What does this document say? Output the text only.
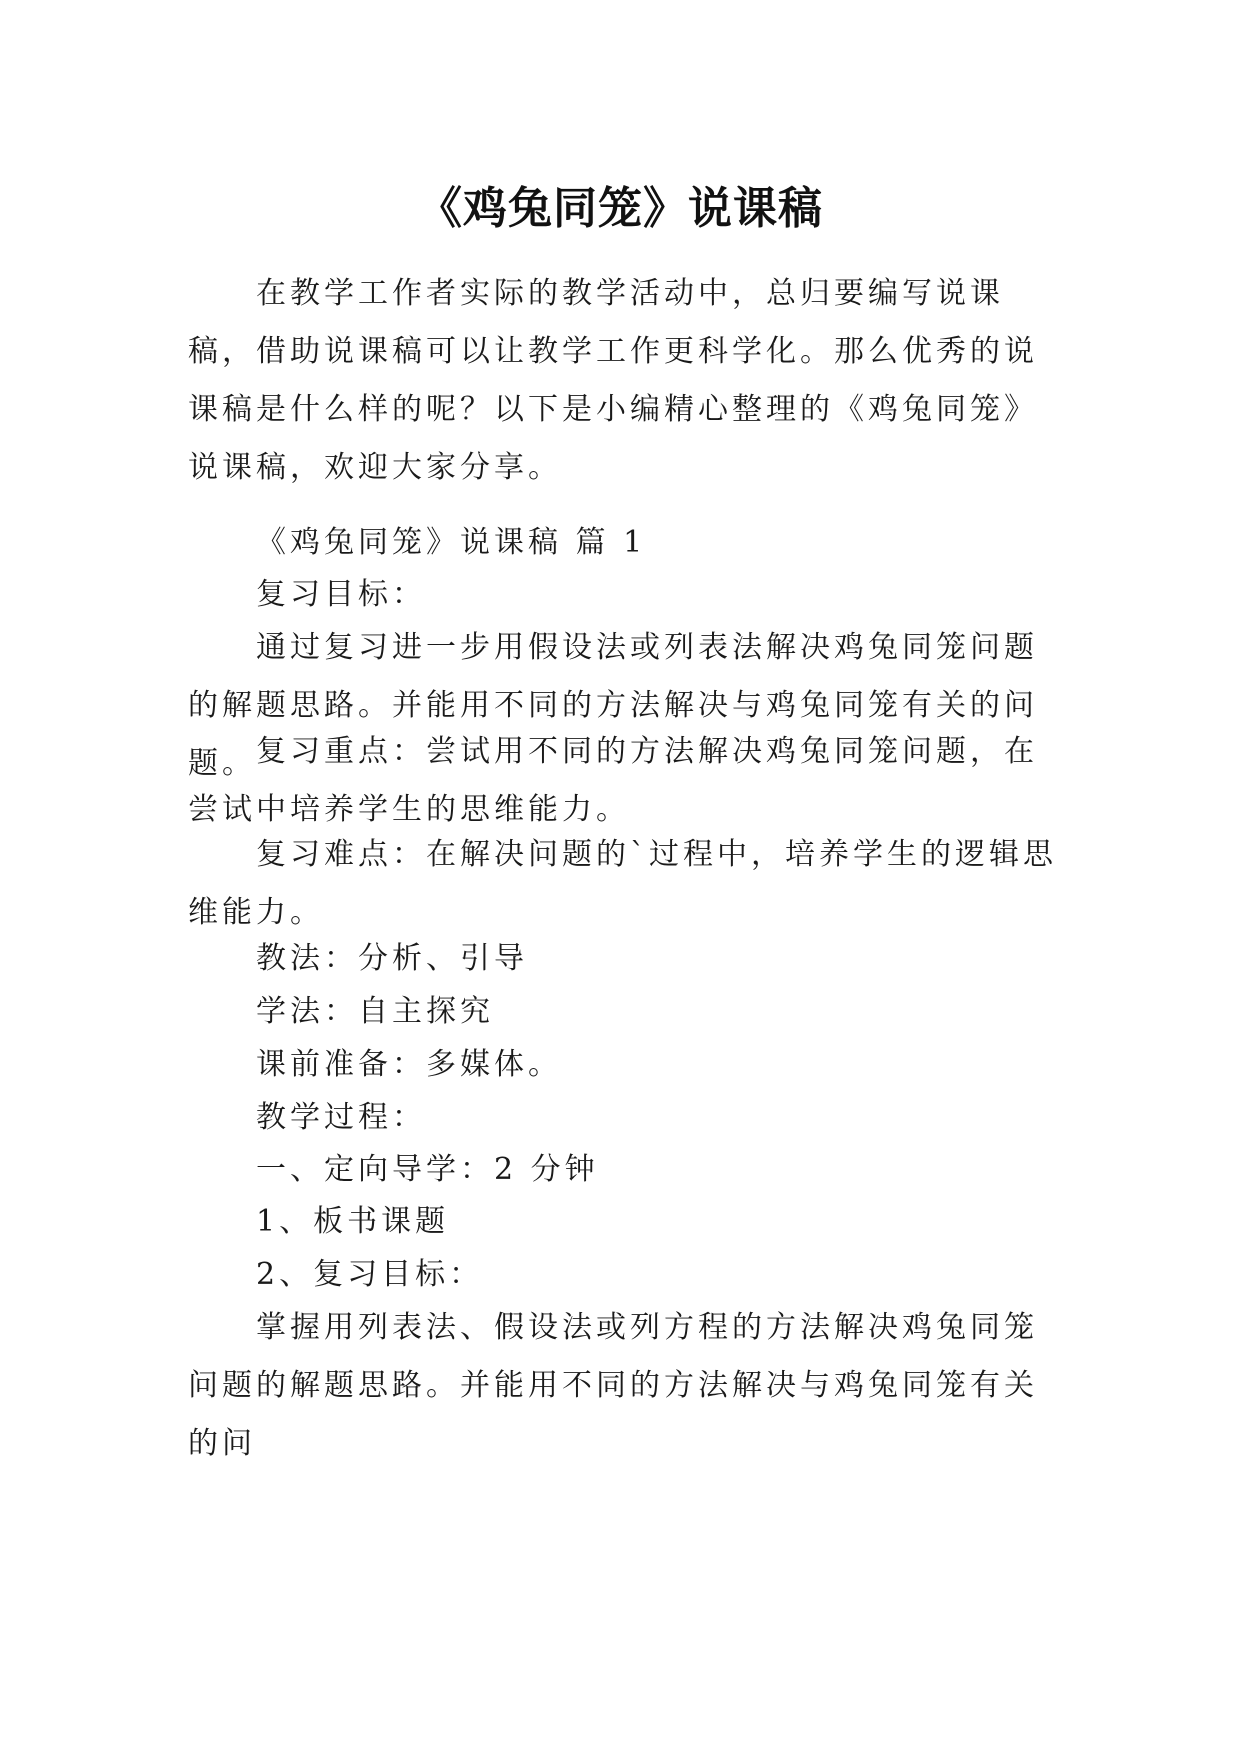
《鸡兔同笼》说课稿

在教学工作者实际的教学活动中，总归要编写说课稿，借助说课稿可以让教学工作更科学化。那么优秀的说课稿是什么样的呢？以下是小编精心整理的《鸡兔同笼》说课稿，欢迎大家分享。

《鸡兔同笼》说课稿 篇 1

复习目标：

通过复习进一步用假设法或列表法解决鸡兔同笼问题的解题思路。并能用不同的方法解决与鸡兔同笼有关的问题。 复习重点：尝试用不同的方法解决鸡兔同笼问题，在尝试中培养学生的思维能力。

复习难点：在解决问题的`过程中，培养学生的逻辑思维能力。

教法：分析、引导

学法：自主探究

课前准备：多媒体。

教学过程：

一、定向导学：2 分钟

1、板书课题

2、复习目标：

掌握用列表法、假设法或列方程的方法解决鸡兔同笼问题的解题思路。并能用不同的方法解决与鸡兔同笼有关的问
